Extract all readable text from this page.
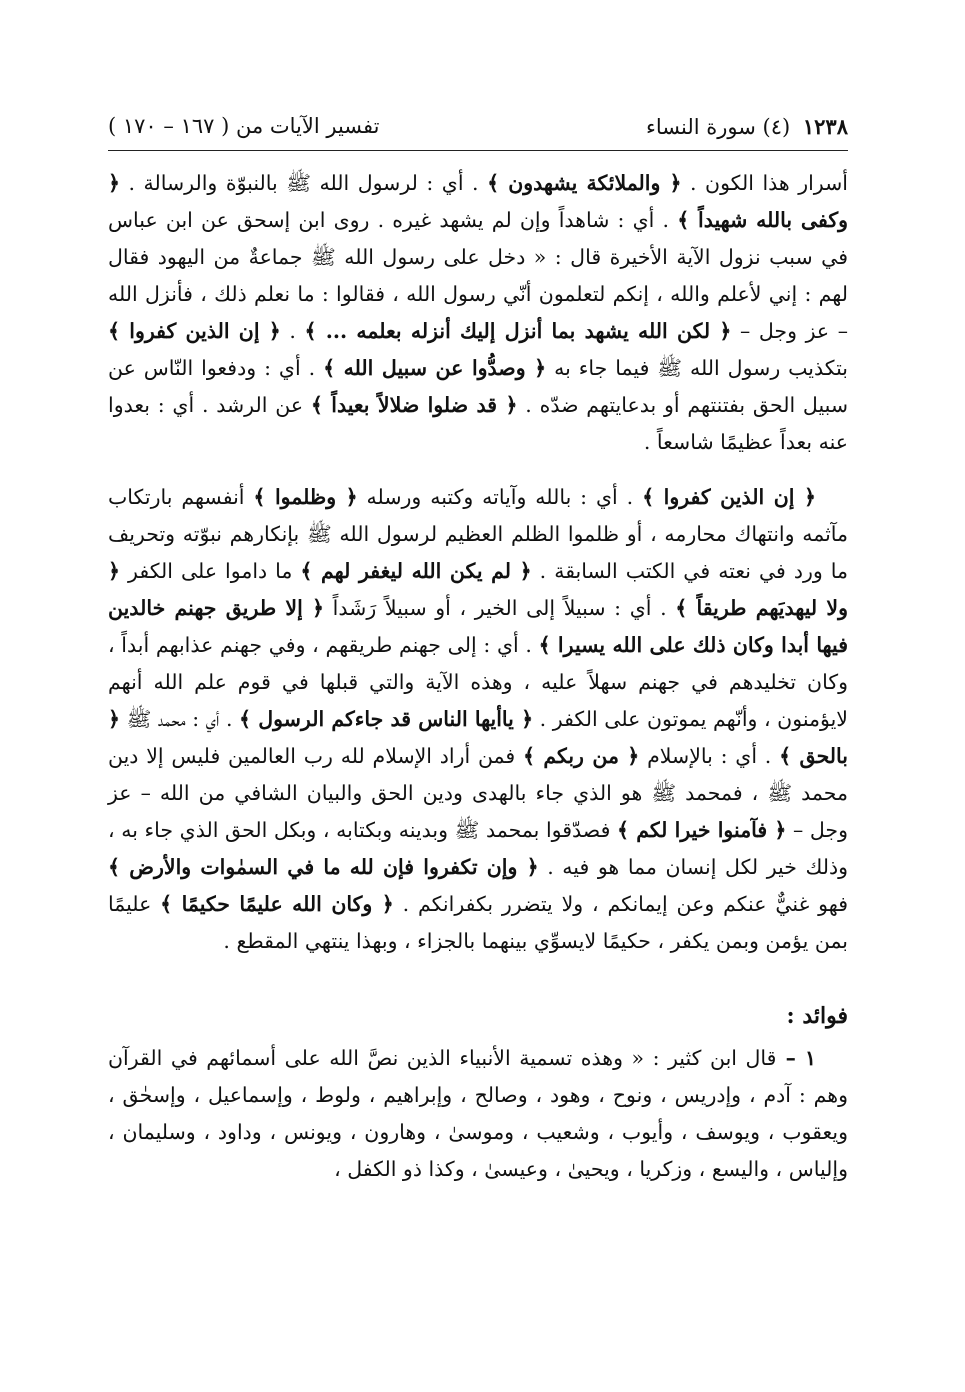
١٢٣٨ (٤) سورة النساء
تفسير الآيات من ( ١٦٧ – ١٧٠ )

أسرار هذا الكون . ﴿ والملائكة يشهدون ﴾ . أي : لرسول الله ﷺ بالنبوّة والرسالة . ﴿ وكفى بالله شهيداً ﴾ . أي : شاهداً وإن لم يشهد غيره . روى ابن إسحق عن ابن عباس في سبب نزول الآية الأخيرة قال : « دخل على رسول الله ﷺ جماعةٌ من اليهود فقال لهم : إني لأعلم والله ، إنكم لتعلمون أنّي رسول الله ، فقالوا : ما نعلم ذلك ، فأنزل الله – عز وجل – ﴿ لكن الله يشهد بما أنزل إليك أنزله بعلمه ... ﴾ . ﴿ إن الذين كفروا ﴾ بتكذيب رسول الله ﷺ فيما جاء به ﴿ وصدُّوا عن سبيل الله ﴾ . أي : ودفعوا النّاس عن سبيل الحق بفتنتهم أو بدعايتهم ضدّه . ﴿ قد ضلوا ضلالاً بعيداً ﴾ عن الرشد . أي : بعدوا عنه بعداً عظيمًا شاسعاً .

﴿ إن الذين كفروا ﴾ . أي : بالله وآياته وكتبه ورسله ﴿ وظلموا ﴾ أنفسهم بارتكاب مآثمه وانتهاك محارمه ، أو ظلموا الظلم العظيم لرسول الله ﷺ بإنكارهم نبوّته وتحريف ما ورد في نعته في الكتب السابقة . ﴿ لم يكن الله ليغفر لهم ﴾ ما داموا على الكفر ﴿ ولا ليهديَهم طريقاً ﴾ . أي : سبيلاً إلى الخير ، أو سبيلاً رَشَداً ﴿ إلا طريق جهنم خالدين فيها أبدا وكان ذلك على الله يسيرا ﴾ . أي : إلى جهنم طريقهم ، وفي جهنم عذابهم أبداً ، وكان تخليدهم في جهنم سهلاً عليه ، وهذه الآية والتي قبلها في قوم علم الله أنهم لايؤمنون ، وأنّهم يموتون على الكفر . ﴿ ياأيها الناس قد جاءكم الرسول ﴾ . أي : محمد ﷺ ﴿ بالحق ﴾ . أي : بالإسلام ﴿ من ربكم ﴾ فمن أراد الإسلام لله رب العالمين فليس إلا دين محمد ﷺ ، فمحمد ﷺ هو الذي جاء بالهدى ودين الحق والبيان الشافي من الله – عز وجل – ﴿ فآمنوا خيرا لكم ﴾ فصدّقوا بمحمد ﷺ وبدينه وبكتابه ، وبكل الحق الذي جاء به ، وذلك خير لكل إنسان مما هو فيه . ﴿ وإن تكفروا فإن لله ما في السمٰوات والأرض ﴾ فهو غنيٌّ عنكم وعن إيمانكم ، ولا يتضرر بكفرانكم . ﴿ وكان الله عليمًا حكيمًا ﴾ عليمًا بمن يؤمن وبمن يكفر ، حكيمًا لايسوِّي بينهما بالجزاء ، وبهذا ينتهي المقطع .

فوائد :

١ – قال ابن كثير : « وهذه تسمية الأنبياء الذين نصَّ الله على أسمائهم في القرآن وهم : آدم ، وإدريس ، ونوح ، وهود ، وصالح ، وإبراهيم ، ولوط ، وإسماعيل ، وإسحٰق ، ويعقوب ، ويوسف ، وأيوب ، وشعيب ، وموسىٰ ، وهارون ، ويونس ، وداود ، وسليمان ، وإلياس ، واليسع ، وزكريا ، ويحيىٰ ، وعيسىٰ ، وكذا ذو الكفل ،
